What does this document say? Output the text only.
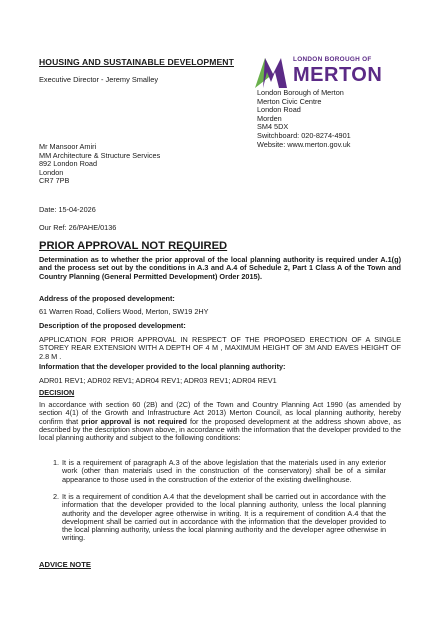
HOUSING AND SUSTAINABLE DEVELOPMENT
Executive Director - Jeremy Smalley
LONDON BOROUGH OF
MERTON
London Borough of Merton
Merton Civic Centre
London Road
Morden
SM4 5DX
Switchboard: 020-8274-4901
Website: www.merton.gov.uk
Mr Mansoor Amiri
MM Architecture & Structure Services
892 London Road
London
CR7 7PB
Date: 15-04-2026
Our Ref: 26/PAHE/0136
PRIOR APPROVAL NOT REQUIRED
Determination as to whether the prior approval of the local planning authority is required under A.1(g) and the process set out by the conditions in A.3 and A.4 of Schedule 2, Part 1 Class A of the Town and Country Planning (General Permitted Development) Order 2015).
Address of the proposed development:
61 Warren Road, Colliers Wood, Merton, SW19 2HY
Description of the proposed development:
APPLICATION FOR PRIOR APPROVAL IN RESPECT OF THE PROPOSED ERECTION OF A SINGLE STOREY REAR EXTENSION WITH A DEPTH OF 4 M , MAXIMUM HEIGHT OF 3M AND EAVES HEIGHT OF 2.8 M .
Information that the developer provided to the local planning authority:
ADR01 REV1; ADR02 REV1; ADR04 REV1; ADR03 REV1; ADR04 REV1
DECISION
In accordance with section 60 (2B) and (2C) of the Town and Country Planning Act 1990 (as amended by section 4(1) of the Growth and Infrastructure Act 2013) Merton Council, as local planning authority, hereby confirm that prior approval is not required for the proposed development at the address shown above, as described by the description shown above, in accordance with the information that the developer provided to the local planning authority and subject to the following conditions:
1. It is a requirement of paragraph A.3 of the above legislation that the materials used in any exterior work (other than materials used in the construction of the conservatory) shall be of a similar appearance to those used in the construction of the exterior of the existing dwellinghouse.
2. It is a requirement of condition A.4 that the development shall be carried out in accordance with the information that the developer provided to the local planning authority, unless the local planning authority and the developer agree otherwise in writing. It is a requirement of condition A.4 that the development shall be carried out in accordance with the information that the developer provided to the local planning authority, unless the local planning authority and the developer agree otherwise in writing.
ADVICE NOTE
